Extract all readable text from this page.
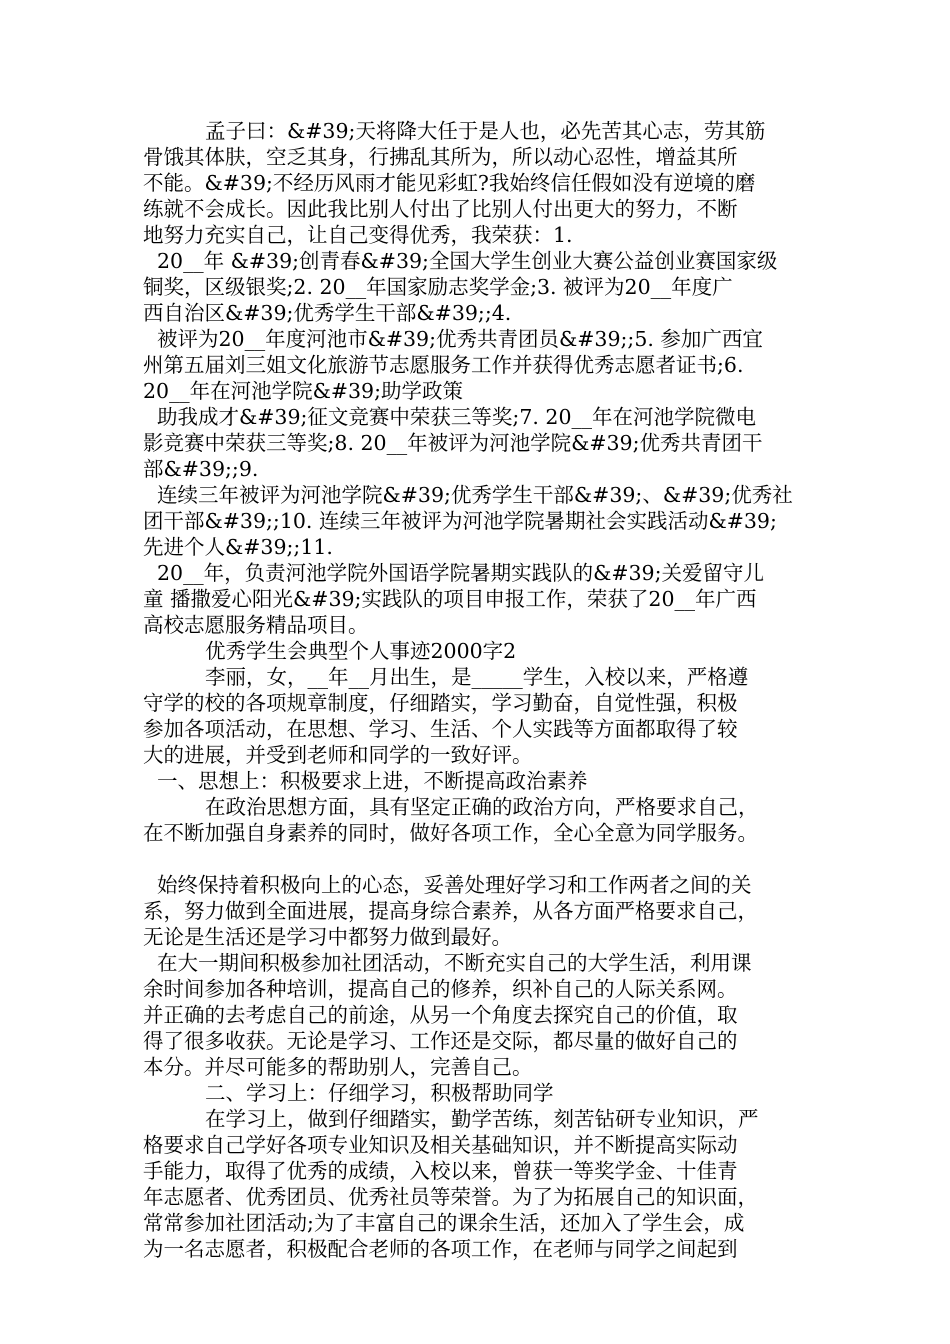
孟子曰：&#39;天将降大任于是人也，必先苦其心志，劳其筋
骨饿其体肤，空乏其身，行拂乱其所为，所以动心忍性，增益其所
不能。&#39;不经历风雨才能见彩虹?我始终信任假如没有逆境的磨
练就不会成长。因此我比别人付出了比别人付出更大的努力，不断
地努力充实自己，让自己变得优秀，我荣获：1.
20__年 &#39;创青春&#39;全国大学生创业大赛公益创业赛国家级
铜奖，区级银奖;2. 20__年国家励志奖学金;3. 被评为20__年度广
西自治区&#39;优秀学生干部&#39;;4.
被评为20__年度河池市&#39;优秀共青团员&#39;;5. 参加广西宜
州第五届刘三姐文化旅游节志愿服务工作并获得优秀志愿者证书;6.
20__年在河池学院&#39;助学政策
助我成才&#39;征文竞赛中荣获三等奖;7. 20__年在河池学院微电
影竞赛中荣获三等奖;8. 20__年被评为河池学院&#39;优秀共青团干
部&#39;;9.
连续三年被评为河池学院&#39;优秀学生干部&#39;、&#39;优秀社
团干部&#39;;10. 连续三年被评为河池学院暑期社会实践活动&#39;
先进个人&#39;;11.
20__年，负责河池学院外国语学院暑期实践队的&#39;关爱留守儿
童 播撒爱心阳光&#39;实践队的项目申报工作，荣获了20__年广西
高校志愿服务精品项目。
优秀学生会典型个人事迹2000字2
李丽，女，__年__月出生，是_____学生，入校以来，严格遵
守学的校的各项规章制度，仔细踏实，学习勤奋，自觉性强，积极
参加各项活动，在思想、学习、生活、个人实践等方面都取得了较
大的进展，并受到老师和同学的一致好评。
一、思想上：积极要求上进，不断提高政治素养
在政治思想方面，具有坚定正确的政治方向，严格要求自己，
在不断加强自身素养的同时，做好各项工作，全心全意为同学服务。
始终保持着积极向上的心态，妥善处理好学习和工作两者之间的关
系，努力做到全面进展，提高身综合素养，从各方面严格要求自己，
无论是生活还是学习中都努力做到最好。
在大一期间积极参加社团活动，不断充实自己的大学生活，利用课
余时间参加各种培训，提高自己的修养，织补自己的人际关系网。
并正确的去考虑自己的前途，从另一个角度去探究自己的价值，取
得了很多收获。无论是学习、工作还是交际，都尽量的做好自己的
本分。并尽可能多的帮助别人，完善自己。
二、学习上：仔细学习，积极帮助同学
在学习上，做到仔细踏实，勤学苦练，刻苦钻研专业知识，严
格要求自己学好各项专业知识及相关基础知识，并不断提高实际动
手能力，取得了优秀的成绩，入校以来，曾获一等奖学金、十佳青
年志愿者、优秀团员、优秀社员等荣誉。为了为拓展自己的知识面，
常常参加社团活动;为了丰富自己的课余生活，还加入了学生会，成
为一名志愿者，积极配合老师的各项工作，在老师与同学之间起到
